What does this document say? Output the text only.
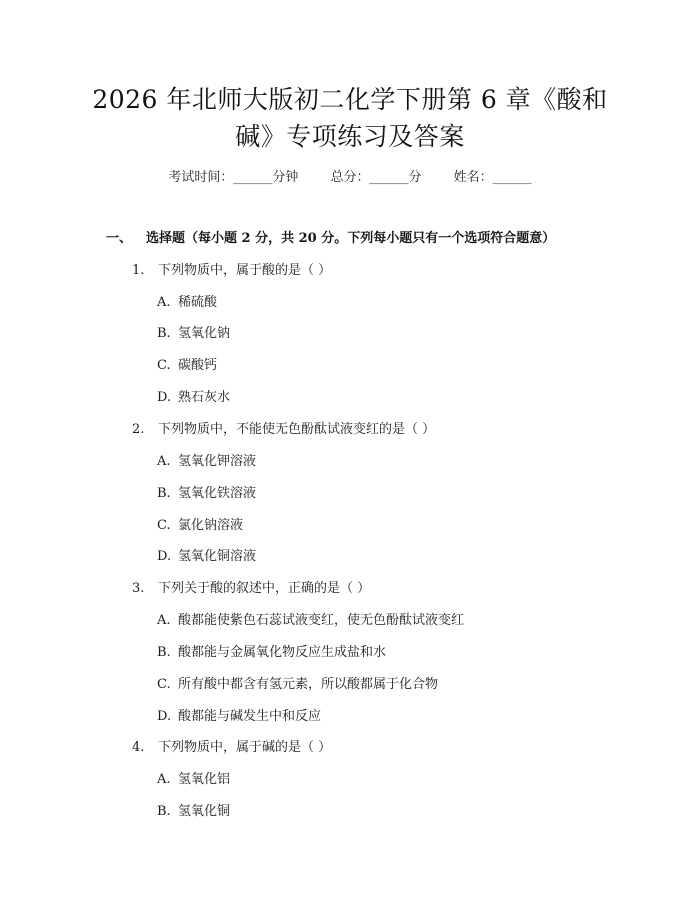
2026 年北师大版初二化学下册第 6 章《酸和
碱》专项练习及答案
考试时间：______分钟 总分：______分 姓名：______
一、 选择题（每小题 2 分，共 20 分。下列每小题只有一个选项符合题意）
1. 下列物质中，属于酸的是（ ）
A. 稀硫酸
B. 氢氧化钠
C. 碳酸钙
D. 熟石灰水
2. 下列物质中，不能使无色酚酞试液变红的是（ ）
A. 氢氧化钾溶液
B. 氢氧化铁溶液
C. 氯化钠溶液
D. 氢氧化铜溶液
3. 下列关于酸的叙述中，正确的是（ ）
A. 酸都能使紫色石蕊试液变红，使无色酚酞试液变红
B. 酸都能与金属氧化物反应生成盐和水
C. 所有酸中都含有氢元素，所以酸都属于化合物
D. 酸都能与碱发生中和反应
4. 下列物质中，属于碱的是（ ）
A. 氢氧化铝
B. 氢氧化铜
